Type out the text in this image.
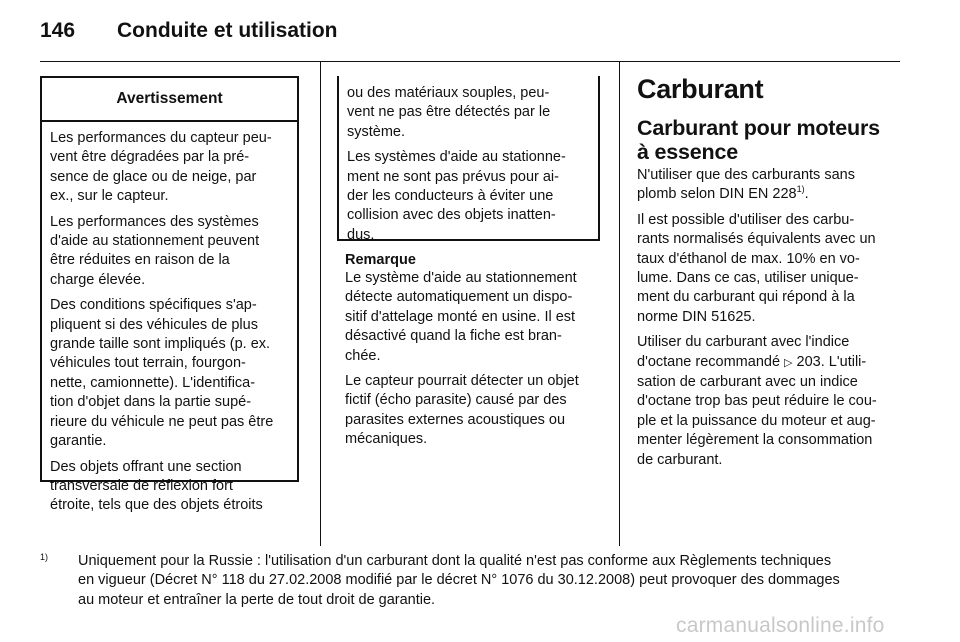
146 Conduite et utilisation
Avertissement

Les performances du capteur peu-
vent être dégradées par la pré-
sence de glace ou de neige, par
ex., sur le capteur.

Les performances des systèmes
d'aide au stationnement peuvent
être réduites en raison de la
charge élevée.

Des conditions spécifiques s'ap-
pliquent si des véhicules de plus
grande taille sont impliqués (p. ex.
véhicules tout terrain, fourgon-
nette, camionnette). L'identifica-
tion d'objet dans la partie supé-
rieure du véhicule ne peut pas être
garantie.

Des objets offrant une section
transversale de réflexion fort
étroite, tels que des objets étroits

ou des matériaux souples, peu-
vent ne pas être détectés par le
système.

Les systèmes d'aide au stationne-
ment ne sont pas prévus pour ai-
der les conducteurs à éviter une
collision avec des objets inatten-
dus.

Remarque

Le système d'aide au stationnement
détecte automatiquement un dispo-
sitif d'attelage monté en usine. Il est
désactivé quand la fiche est bran-
chée.

Le capteur pourrait détecter un objet
fictif (écho parasite) causé par des
parasites externes acoustiques ou
mécaniques.

Carburant
Carburant pour moteurs
à essence

N'utiliser que des carburants sans
plomb selon DIN EN 228$^{1)}$.

Il est possible d'utiliser des carbu-
rants normalisés équivalents avec un
taux d'éthanol de max. 10% en vo-
lume. Dans ce cas, utiliser unique-
ment du carburant qui répond à la
norme DIN 51625.

Utiliser du carburant avec l'indice
d'octane recommandé ▷ 203. L'utili-
sation de carburant avec un indice
d'octane trop bas peut réduire le cou-
ple et la puissance du moteur et aug-
menter légèrement la consommation
de carburant.

1) Uniquement pour la Russie : l'utilisation d'un carburant dont la qualité n'est pas conforme aux Règlements techniques
en vigueur (Décret N° 118 du 27.02.2008 modifié par le décret N° 1076 du 30.12.2008) peut provoquer des dommages
au moteur et entraîner la perte de tout droit de garantie.

carmanualsonline.info
